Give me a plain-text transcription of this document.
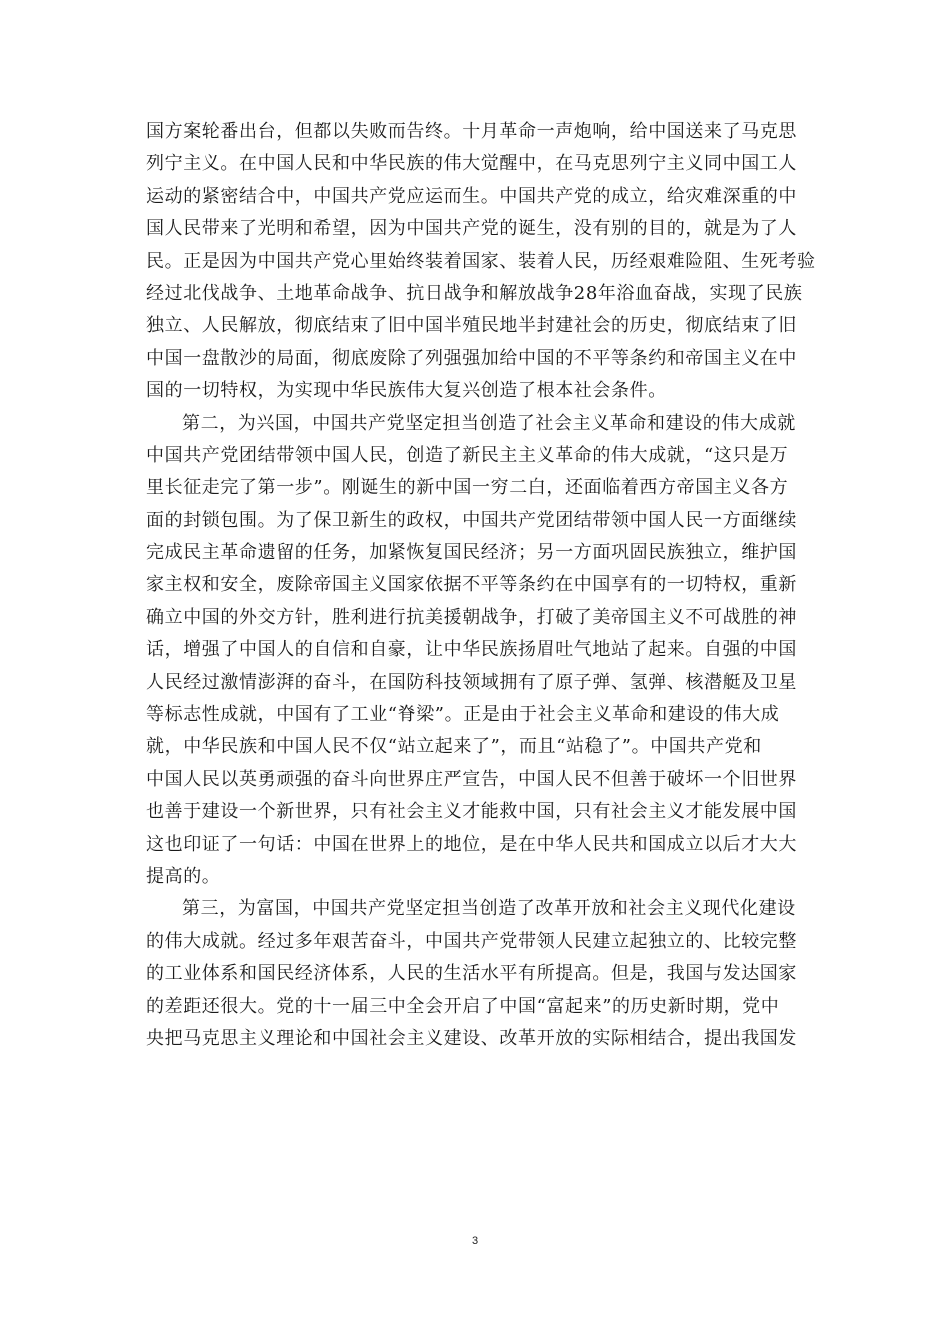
国方案轮番出台，但都以失败而告终。十月革命一声炮响，给中国送来了马克思
列宁主义。在中国人民和中华民族的伟大觉醒中，在马克思列宁主义同中国工人
运动的紧密结合中，中国共产党应运而生。中国共产党的成立，给灾难深重的中
国人民带来了光明和希望，因为中国共产党的诞生，没有别的目的，就是为了人
民。正是因为中国共产党心里始终装着国家、装着人民，历经艰难险阻、生死考验
经过北伐战争、土地革命战争、抗日战争和解放战争28年浴血奋战，实现了民族
独立、人民解放，彻底结束了旧中国半殖民地半封建社会的历史，彻底结束了旧
中国一盘散沙的局面，彻底废除了列强强加给中国的不平等条约和帝国主义在中
国的一切特权，为实现中华民族伟大复兴创造了根本社会条件。
第二，为兴国，中国共产党坚定担当创造了社会主义革命和建设的伟大成就
中国共产党团结带领中国人民，创造了新民主主义革命的伟大成就，“这只是万
里长征走完了第一步”。刚诞生的新中国一穷二白，还面临着西方帝国主义各方
面的封锁包围。为了保卫新生的政权，中国共产党团结带领中国人民一方面继续
完成民主革命遗留的任务，加紧恢复国民经济；另一方面巩固民族独立，维护国
家主权和安全，废除帝国主义国家依据不平等条约在中国享有的一切特权，重新
确立中国的外交方针，胜利进行抗美援朝战争，打破了美帝国主义不可战胜的神
话，增强了中国人的自信和自豪，让中华民族扬眉吐气地站了起来。自强的中国
人民经过激情澎湃的奋斗，在国防科技领域拥有了原子弹、氢弹、核潜艇及卫星
等标志性成就，中国有了工业“脊梁”。正是由于社会主义革命和建设的伟大成
就，中华民族和中国人民不仅“站立起来了”，而且“站稳了”。中国共产党和
中国人民以英勇顽强的奋斗向世界庄严宣告，中国人民不但善于破坏一个旧世界
也善于建设一个新世界，只有社会主义才能救中国，只有社会主义才能发展中国
这也印证了一句话：中国在世界上的地位，是在中华人民共和国成立以后才大大
提高的。
第三，为富国，中国共产党坚定担当创造了改革开放和社会主义现代化建设
的伟大成就。经过多年艰苦奋斗，中国共产党带领人民建立起独立的、比较完整
的工业体系和国民经济体系，人民的生活水平有所提高。但是，我国与发达国家
的差距还很大。党的十一届三中全会开启了中国“富起来”的历史新时期，党中
央把马克思主义理论和中国社会主义建设、改革开放的实际相结合，提出我国发
3
